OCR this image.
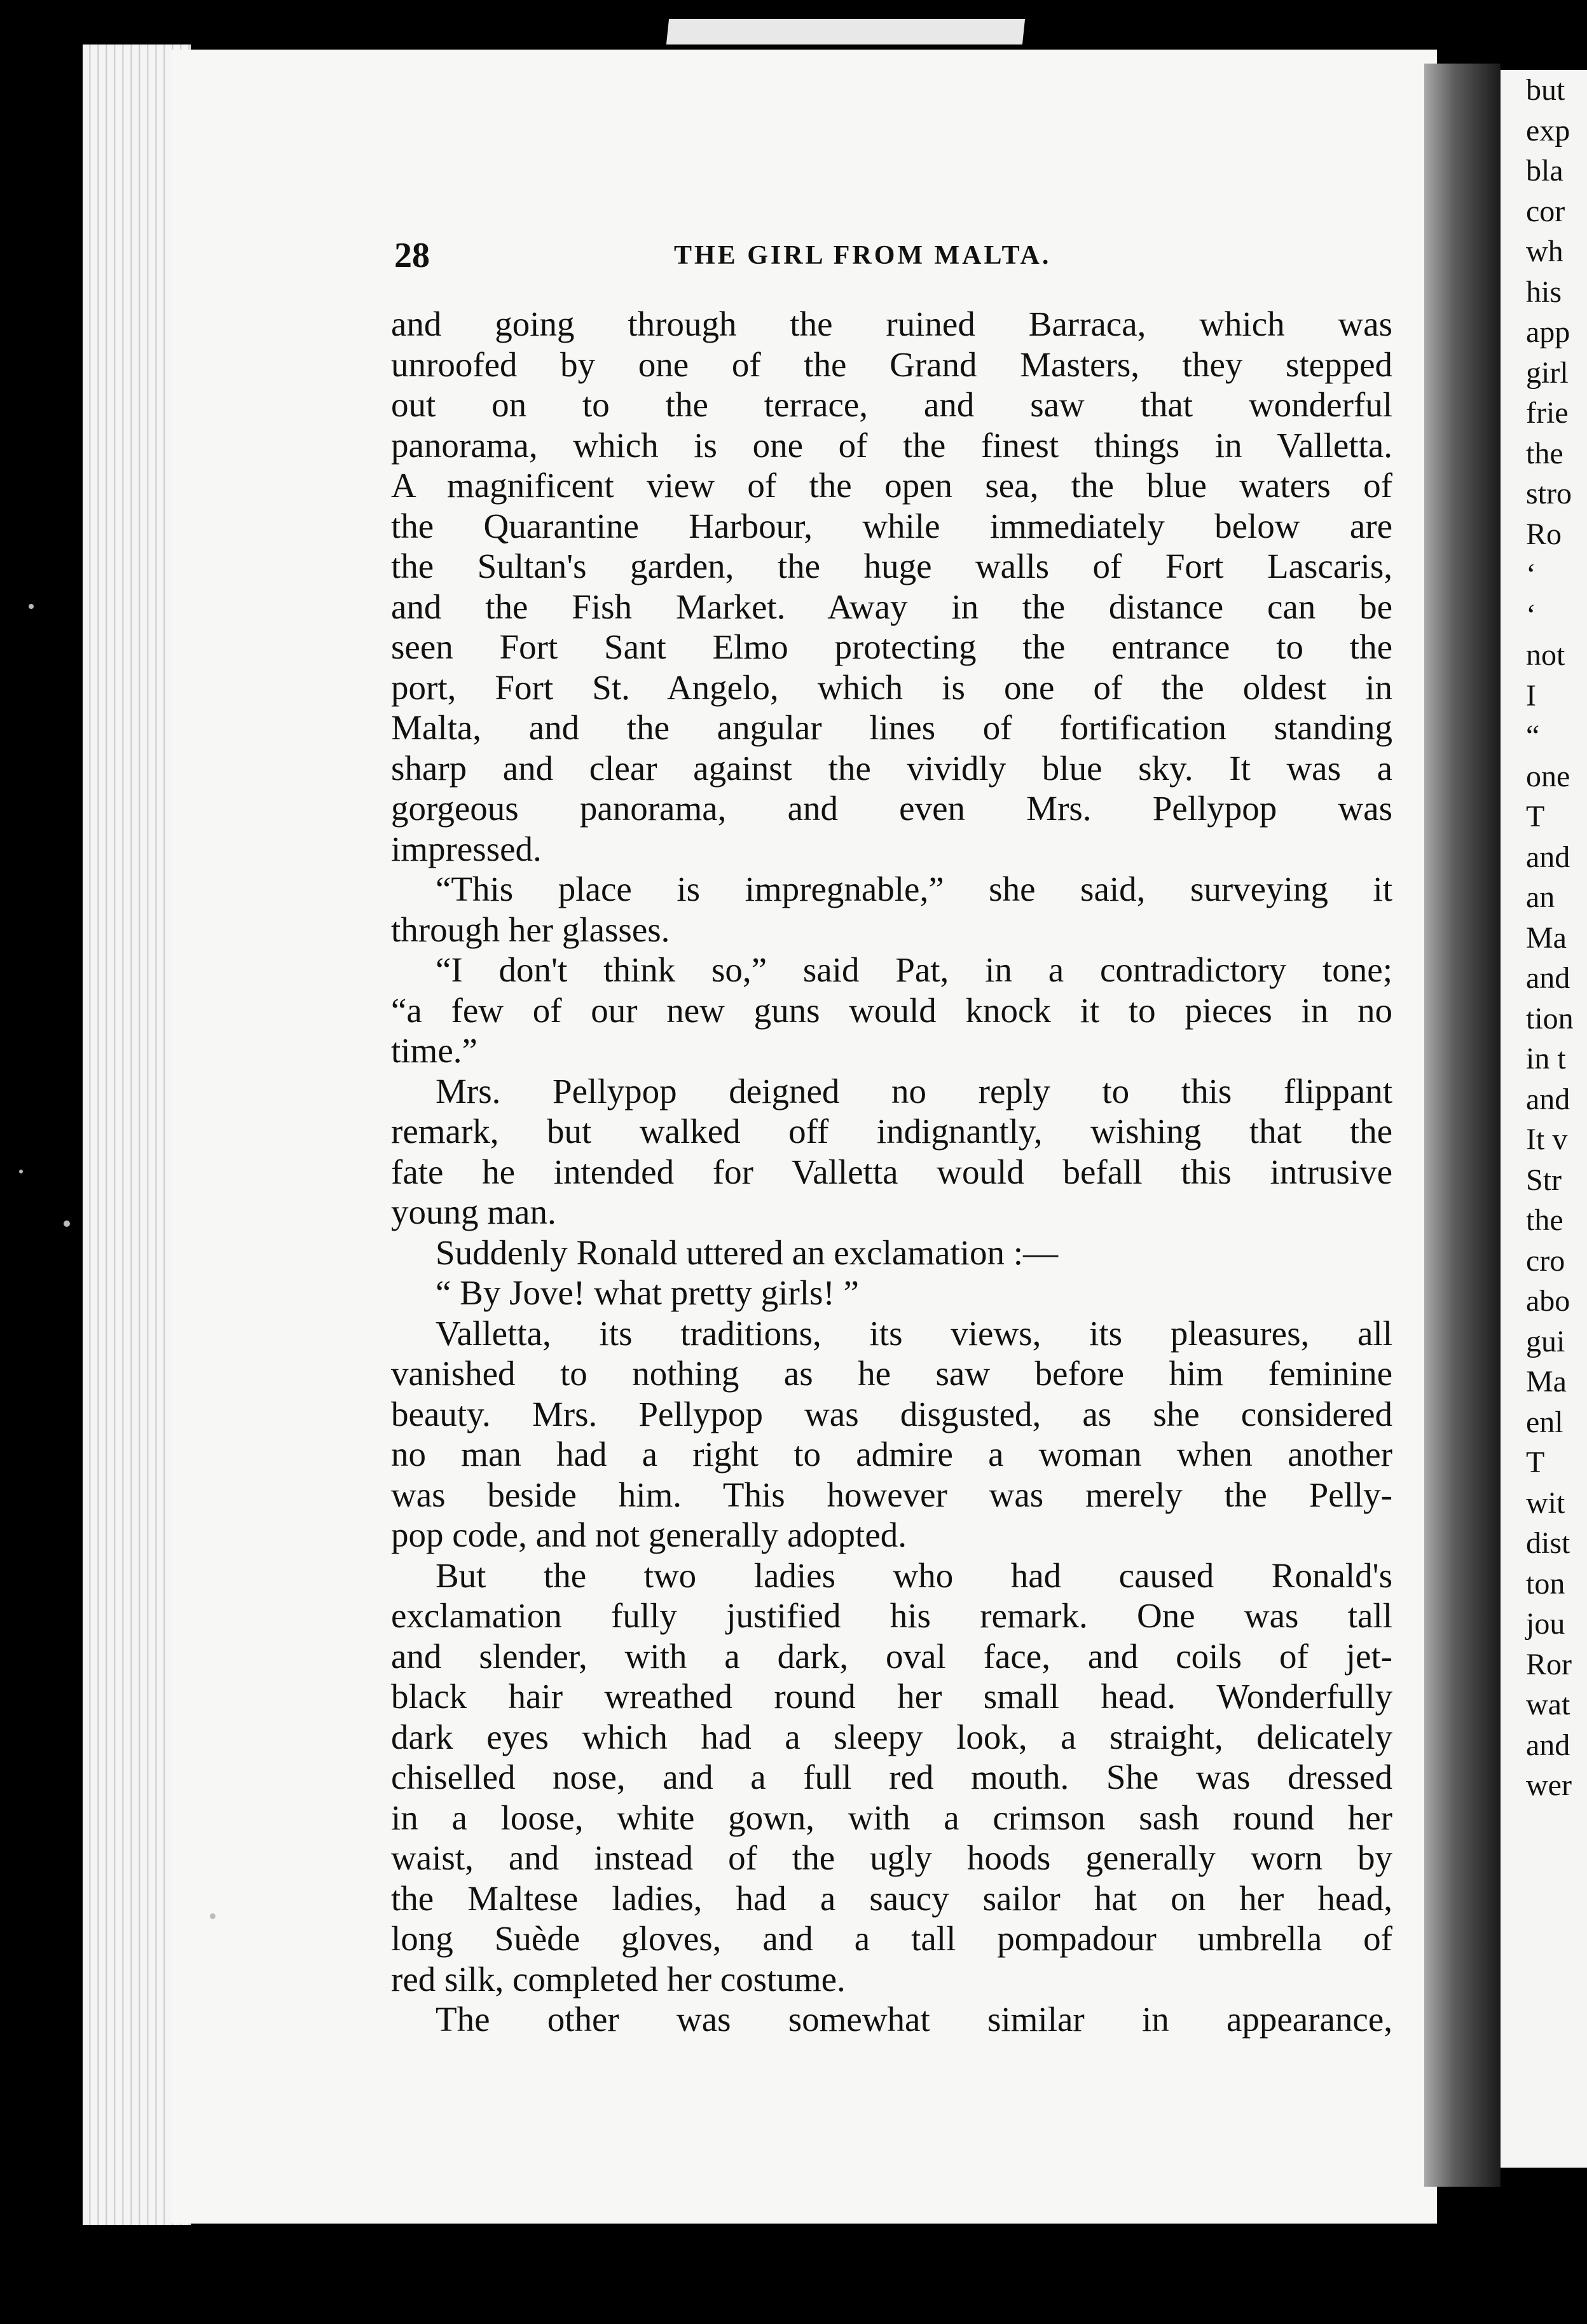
but
exp
bla
cor
wh
his
app
girl
frie
the
stro
Ro
‘
‘
not
I
“
one
T
and
an
Ma
and
tion
in t
and
It v
Str
the
cro
abo
gui
Ma
enl
T
wit
dist
ton
jou
Ror
wat
and
wer
28	THE GIRL FROM MALTA.
and going through the ruined Barraca, which was
unroofed by one of the Grand Masters, they stepped
out on to the terrace, and saw that wonderful
panorama, which is one of the finest things in Valletta.
A magnificent view of the open sea, the blue waters of
the Quarantine Harbour, while immediately below are
the Sultan's garden, the huge walls of Fort Lascaris,
and the Fish Market. Away in the distance can be
seen Fort Sant Elmo protecting the entrance to the
port, Fort St. Angelo, which is one of the oldest in
Malta, and the angular lines of fortification standing
sharp and clear against the vividly blue sky. It was a
gorgeous panorama, and even Mrs. Pellypop was
impressed.
“This place is impregnable,” she said, surveying it
through her glasses.
“I don't think so,” said Pat, in a contradictory tone;
“a few of our new guns would knock it to pieces in no
time.”
Mrs. Pellypop deigned no reply to this flippant
remark, but walked off indignantly, wishing that the
fate he intended for Valletta would befall this intrusive
young man.
Suddenly Ronald uttered an exclamation :—
“ By Jove! what pretty girls! ”
Valletta, its traditions, its views, its pleasures, all
vanished to nothing as he saw before him feminine
beauty. Mrs. Pellypop was disgusted, as she considered
no man had a right to admire a woman when another
was beside him. This however was merely the Pelly-
pop code, and not generally adopted.
But the two ladies who had caused Ronald's
exclamation fully justified his remark. One was tall
and slender, with a dark, oval face, and coils of jet-
black hair wreathed round her small head. Wonderfully
dark eyes which had a sleepy look, a straight, delicately
chiselled nose, and a full red mouth. She was dressed
in a loose, white gown, with a crimson sash round her
waist, and instead of the ugly hoods generally worn by
the Maltese ladies, had a saucy sailor hat on her head,
long Suède gloves, and a tall pompadour umbrella of
red silk, completed her costume.
The other was somewhat similar in appearance,
